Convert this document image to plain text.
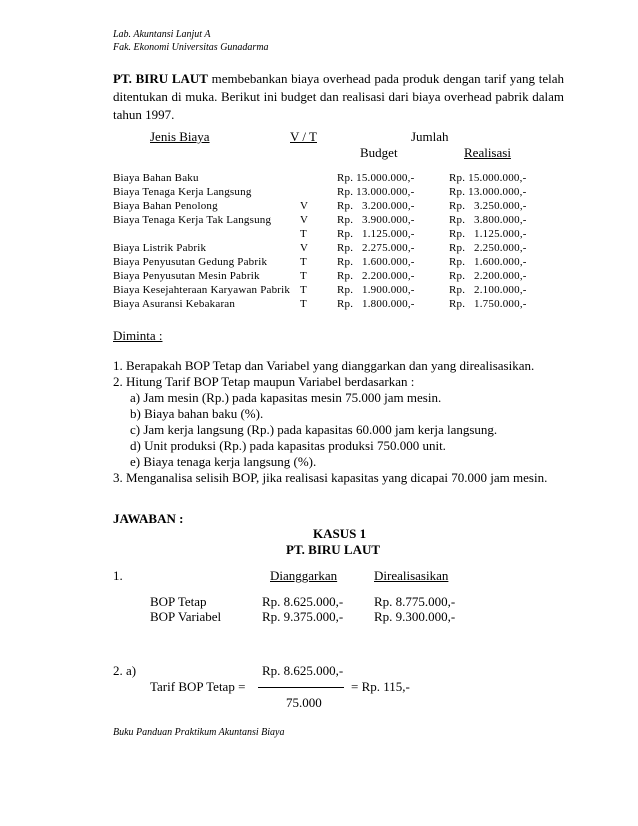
Lab. Akuntansi Lanjut A
Fak. Ekonomi Universitas Gunadarma
PT. BIRU LAUT membebankan biaya overhead pada produk dengan tarif yang telah ditentukan di muka. Berikut ini budget dan realisasi dari biaya overhead pabrik dalam tahun 1997.
Jenis Biaya	V / T	Jumlah
Budget	Realisasi
Biaya Bahan Baku	Rp. 15.000.000,-	Rp. 15.000.000,-
Biaya Tenaga Kerja Langsung	Rp. 13.000.000,-	Rp. 13.000.000,-
Biaya Bahan Penolong	V	Rp.   3.200.000,-	Rp.   3.250.000,-
Biaya Tenaga Kerja Tak Langsung	V	Rp.   3.900.000,-	Rp.   3.800.000,-
T	Rp.   1.125.000,-	Rp.   1.125.000,-
Biaya Listrik Pabrik	V	Rp.   2.275.000,-	Rp.   2.250.000,-
Biaya Penyusutan Gedung Pabrik	T	Rp.   1.600.000,-	Rp.   1.600.000,-
Biaya Penyusutan Mesin Pabrik	T	Rp.   2.200.000,-	Rp.   2.200.000,-
Biaya Kesejahteraan Karyawan Pabrik T	Rp.   1.900.000,-	Rp.   2.100.000,-
Biaya Asuransi Kebakaran	T	Rp.   1.800.000,-	Rp.   1.750.000,-
Diminta :
1. Berapakah BOP Tetap dan Variabel yang dianggarkan dan yang direalisasikan.
2. Hitung Tarif BOP Tetap maupun Variabel berdasarkan :
a) Jam mesin (Rp.) pada kapasitas mesin 75.000 jam mesin.
b) Biaya bahan baku (%).
c) Jam kerja langsung (Rp.) pada kapasitas 60.000 jam kerja langsung.
d) Unit produksi (Rp.) pada kapasitas produksi 750.000 unit.
e) Biaya tenaga kerja langsung (%).
3. Menganalisa selisih BOP, jika realisasi kapasitas yang dicapai 70.000 jam mesin.
JAWABAN :
KASUS 1
PT. BIRU LAUT
1.	Dianggarkan	Direalisasikan
BOP Tetap	Rp. 8.625.000,- Rp. 8.775.000,-
BOP Variabel	Rp. 9.375.000,- Rp. 9.300.000,-
2. a)	Rp. 8.625.000,-
Tarif BOP Tetap =	= Rp. 115,-
75.000
Buku Panduan Praktikum Akuntansi Biaya
